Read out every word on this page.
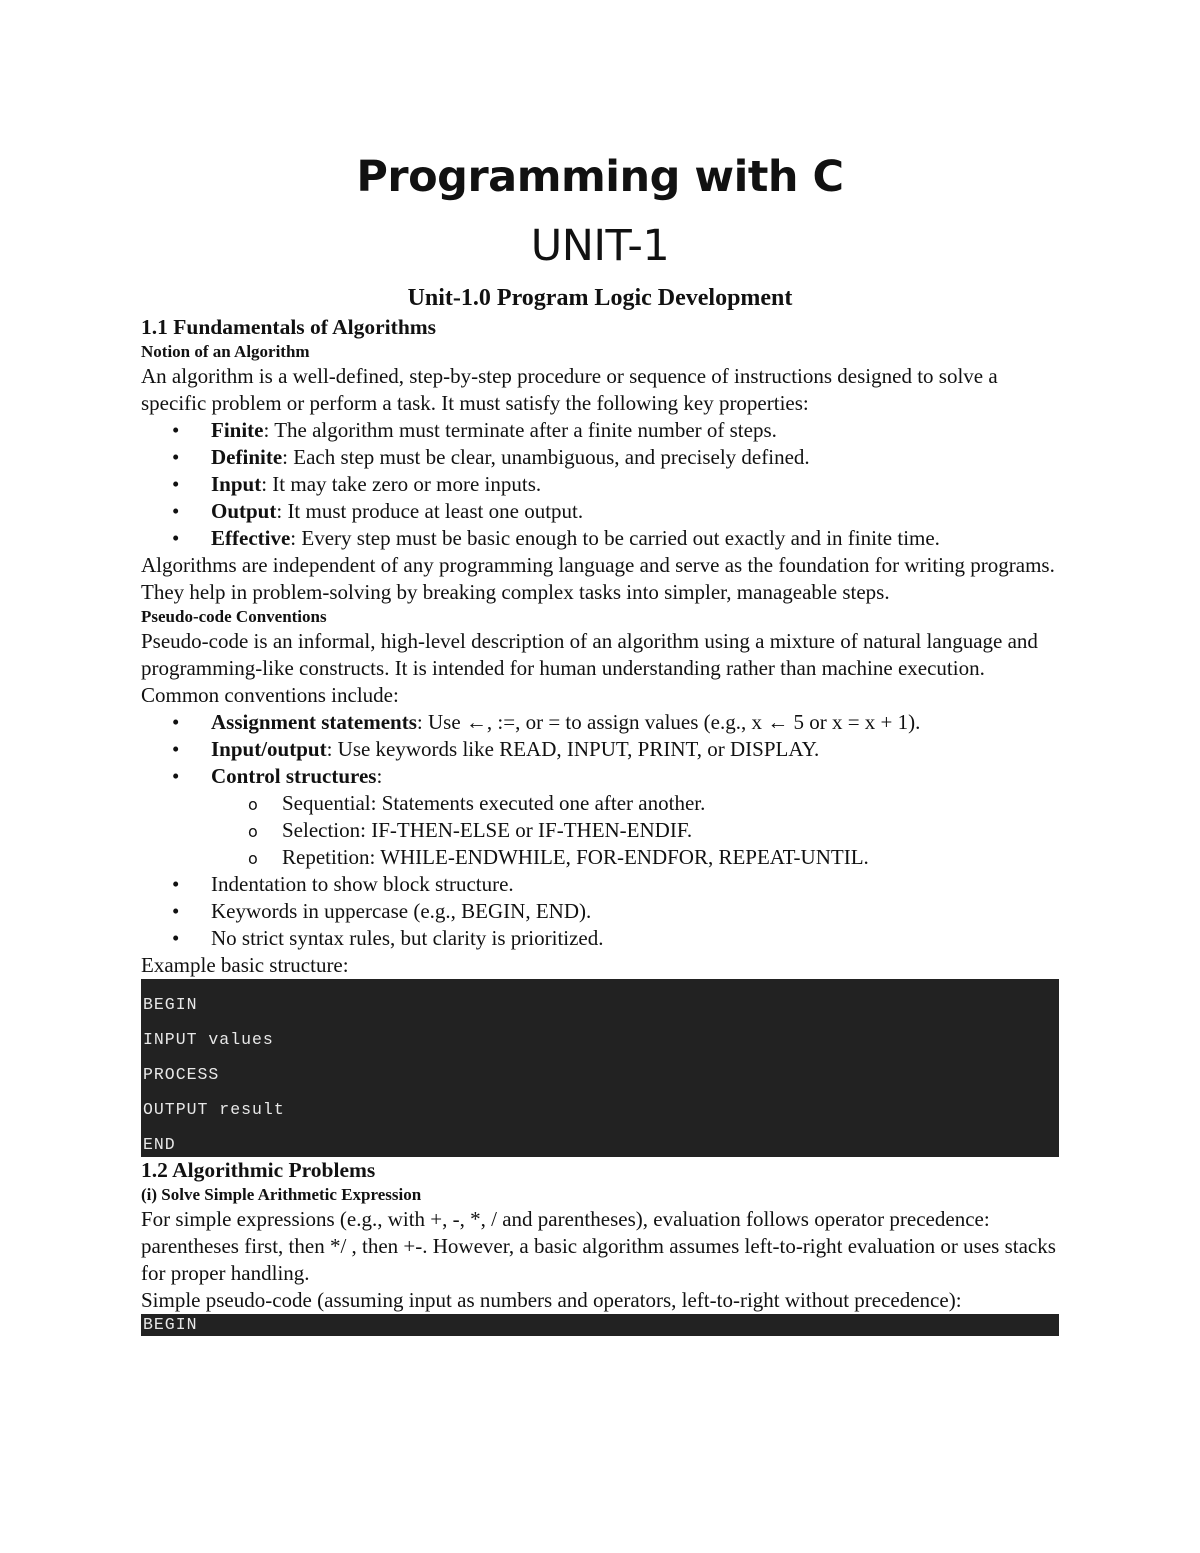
Programming with C
UNIT-1
Unit-1.0 Program Logic Development
1.1 Fundamentals of Algorithms
Notion of an Algorithm

An algorithm is a well-defined, step-by-step procedure or sequence of instructions designed to solve a specific problem or perform a task. It must satisfy the following key properties:

• Finite: The algorithm must terminate after a finite number of steps.
• Definite: Each step must be clear, unambiguous, and precisely defined.
• Input: It may take zero or more inputs.
• Output: It must produce at least one output.
• Effective: Every step must be basic enough to be carried out exactly and in finite time.

Algorithms are independent of any programming language and serve as the foundation for writing programs. They help in problem-solving by breaking complex tasks into simpler, manageable steps.

Pseudo-code Conventions

Pseudo-code is an informal, high-level description of an algorithm using a mixture of natural language and programming-like constructs. It is intended for human understanding rather than machine execution. Common conventions include:

• Assignment statements: Use ←, :=, or = to assign values (e.g., x ← 5 or x = x + 1).
• Input/output: Use keywords like READ, INPUT, PRINT, or DISPLAY.
• Control structures:
o Sequential: Statements executed one after another.
o Selection: IF-THEN-ELSE or IF-THEN-ENDIF.
o Repetition: WHILE-ENDWHILE, FOR-ENDFOR, REPEAT-UNTIL.
• Indentation to show block structure.
• Keywords in uppercase (e.g., BEGIN, END).
• No strict syntax rules, but clarity is prioritized.

Example basic structure:

BEGIN
INPUT values
PROCESS
OUTPUT result
END
1.2 Algorithmic Problems
(i) Solve Simple Arithmetic Expression

For simple expressions (e.g., with +, -, *, / and parentheses), evaluation follows operator precedence: parentheses first, then */ , then +-. However, a basic algorithm assumes left-to-right evaluation or uses stacks for proper handling.

Simple pseudo-code (assuming input as numbers and operators, left-to-right without precedence):

BEGIN
